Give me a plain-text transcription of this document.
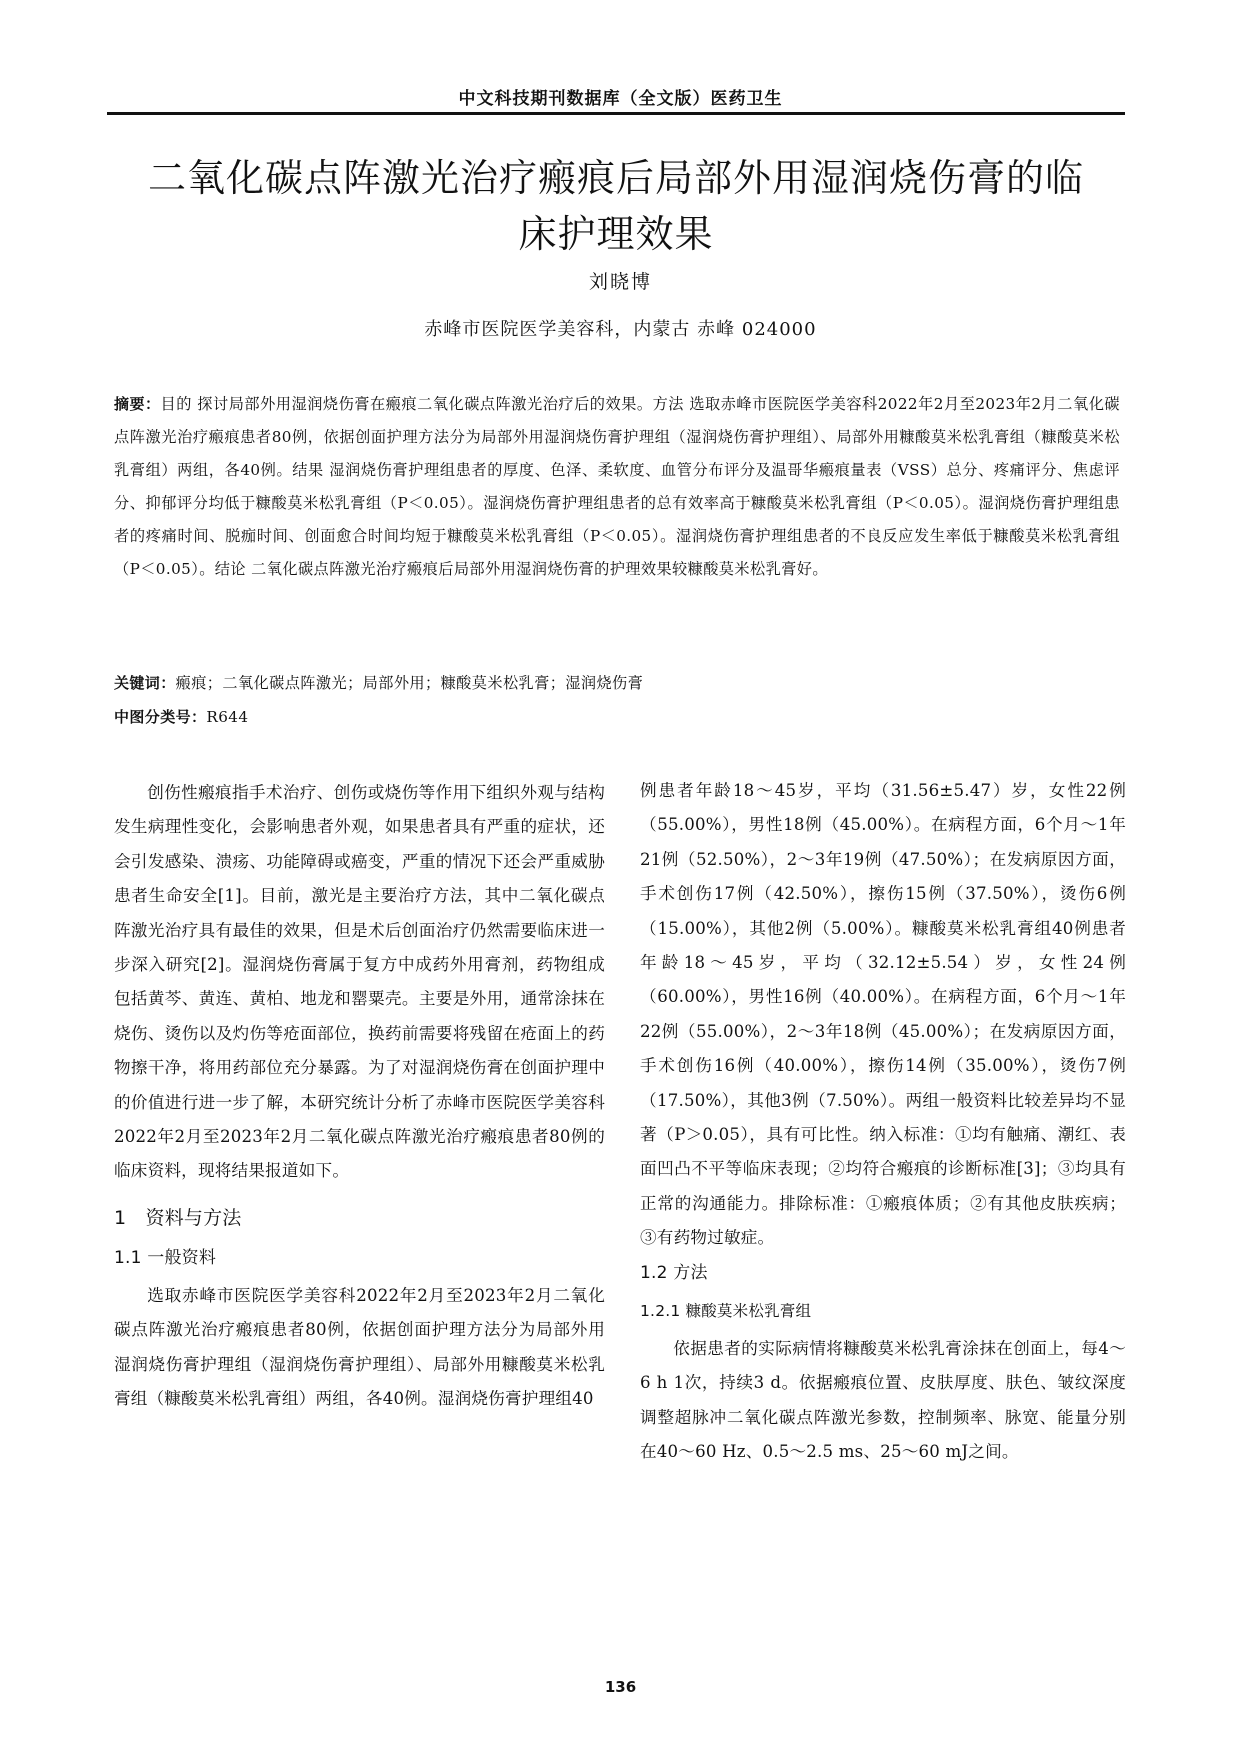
中文科技期刊数据库（全文版）医药卫生
二氧化碳点阵激光治疗瘢痕后局部外用湿润烧伤膏的临
床护理效果
刘晓博
赤峰市医院医学美容科，内蒙古 赤峰 024000
摘要：目的 探讨局部外用湿润烧伤膏在瘢痕二氧化碳点阵激光治疗后的效果。方法 选取赤峰市医院医学美容科2022年2月至2023年2月二氧化碳点阵激光治疗瘢痕患者80例，依据创面护理方法分为局部外用湿润烧伤膏护理组（湿润烧伤膏护理组）、局部外用糠酸莫米松乳膏组（糠酸莫米松乳膏组）两组，各40例。结果 湿润烧伤膏护理组患者的厚度、色泽、柔软度、血管分布评分及温哥华瘢痕量表（VSS）总分、疼痛评分、焦虑评分、抑郁评分均低于糠酸莫米松乳膏组（P＜0.05）。湿润烧伤膏护理组患者的总有效率高于糠酸莫米松乳膏组（P＜0.05）。湿润烧伤膏护理组患者的疼痛时间、脱痂时间、创面愈合时间均短于糠酸莫米松乳膏组（P＜0.05）。湿润烧伤膏护理组患者的不良反应发生率低于糠酸莫米松乳膏组（P＜0.05）。结论 二氧化碳点阵激光治疗瘢痕后局部外用湿润烧伤膏的护理效果较糠酸莫米松乳膏好。
关键词：瘢痕；二氧化碳点阵激光；局部外用；糠酸莫米松乳膏；湿润烧伤膏
中图分类号：R644

创伤性瘢痕指手术治疗、创伤或烧伤等作用下组织外观与结构发生病理性变化，会影响患者外观，如果患者具有严重的症状，还会引发感染、溃疡、功能障碍或癌变，严重的情况下还会严重威胁患者生命安全[1]。目前，激光是主要治疗方法，其中二氧化碳点阵激光治疗具有最佳的效果，但是术后创面治疗仍然需要临床进一步深入研究[2]。湿润烧伤膏属于复方中成药外用膏剂，药物组成包括黄芩、黄连、黄柏、地龙和罂粟壳。主要是外用，通常涂抹在烧伤、烫伤以及灼伤等疮面部位，换药前需要将残留在疮面上的药物擦干净，将用药部位充分暴露。为了对湿润烧伤膏在创面护理中的价值进行进一步了解，本研究统计分析了赤峰市医院医学美容科2022年2月至2023年2月二氧化碳点阵激光治疗瘢痕患者80例的临床资料，现将结果报道如下。

1　资料与方法
1.1 一般资料

选取赤峰市医院医学美容科2022年2月至2023年2月二氧化碳点阵激光治疗瘢痕患者80例，依据创面护理方法分为局部外用湿润烧伤膏护理组（湿润烧伤膏护理组）、局部外用糠酸莫米松乳膏组（糠酸莫米松乳膏组）两组，各40例。湿润烧伤膏护理组40

例患者年龄18～45岁，平均（31.56±5.47）岁，女性22例（55.00%），男性18例（45.00%）。在病程方面，6个月～1年21例（52.50%），2～3年19例（47.50%）；在发病原因方面，手术创伤17例（42.50%），擦伤15例（37.50%），烫伤6例（15.00%），其他2例（5.00%）。糠酸莫米松乳膏组40例患者年龄18～45岁，平均（32.12±5.54）岁，女性24例（60.00%），男性16例（40.00%）。在病程方面，6个月～1年22例（55.00%），2～3年18例（45.00%）；在发病原因方面，手术创伤16例（40.00%），擦伤14例（35.00%），烫伤7例（17.50%），其他3例（7.50%）。两组一般资料比较差异均不显著（P＞0.05），具有可比性。纳入标准：①均有触痛、潮红、表面凹凸不平等临床表现；②均符合瘢痕的诊断标准[3]；③均具有正常的沟通能力。排除标准：①瘢痕体质；②有其他皮肤疾病；③有药物过敏症。

1.2 方法
1.2.1 糠酸莫米松乳膏组

依据患者的实际病情将糠酸莫米松乳膏涂抹在创面上，每4～6 h 1次，持续3 d。依据瘢痕位置、皮肤厚度、肤色、皱纹深度调整超脉冲二氧化碳点阵激光参数，控制频率、脉宽、能量分别在40～60 Hz、0.5～2.5 ms、25～60 mJ之间。

136
